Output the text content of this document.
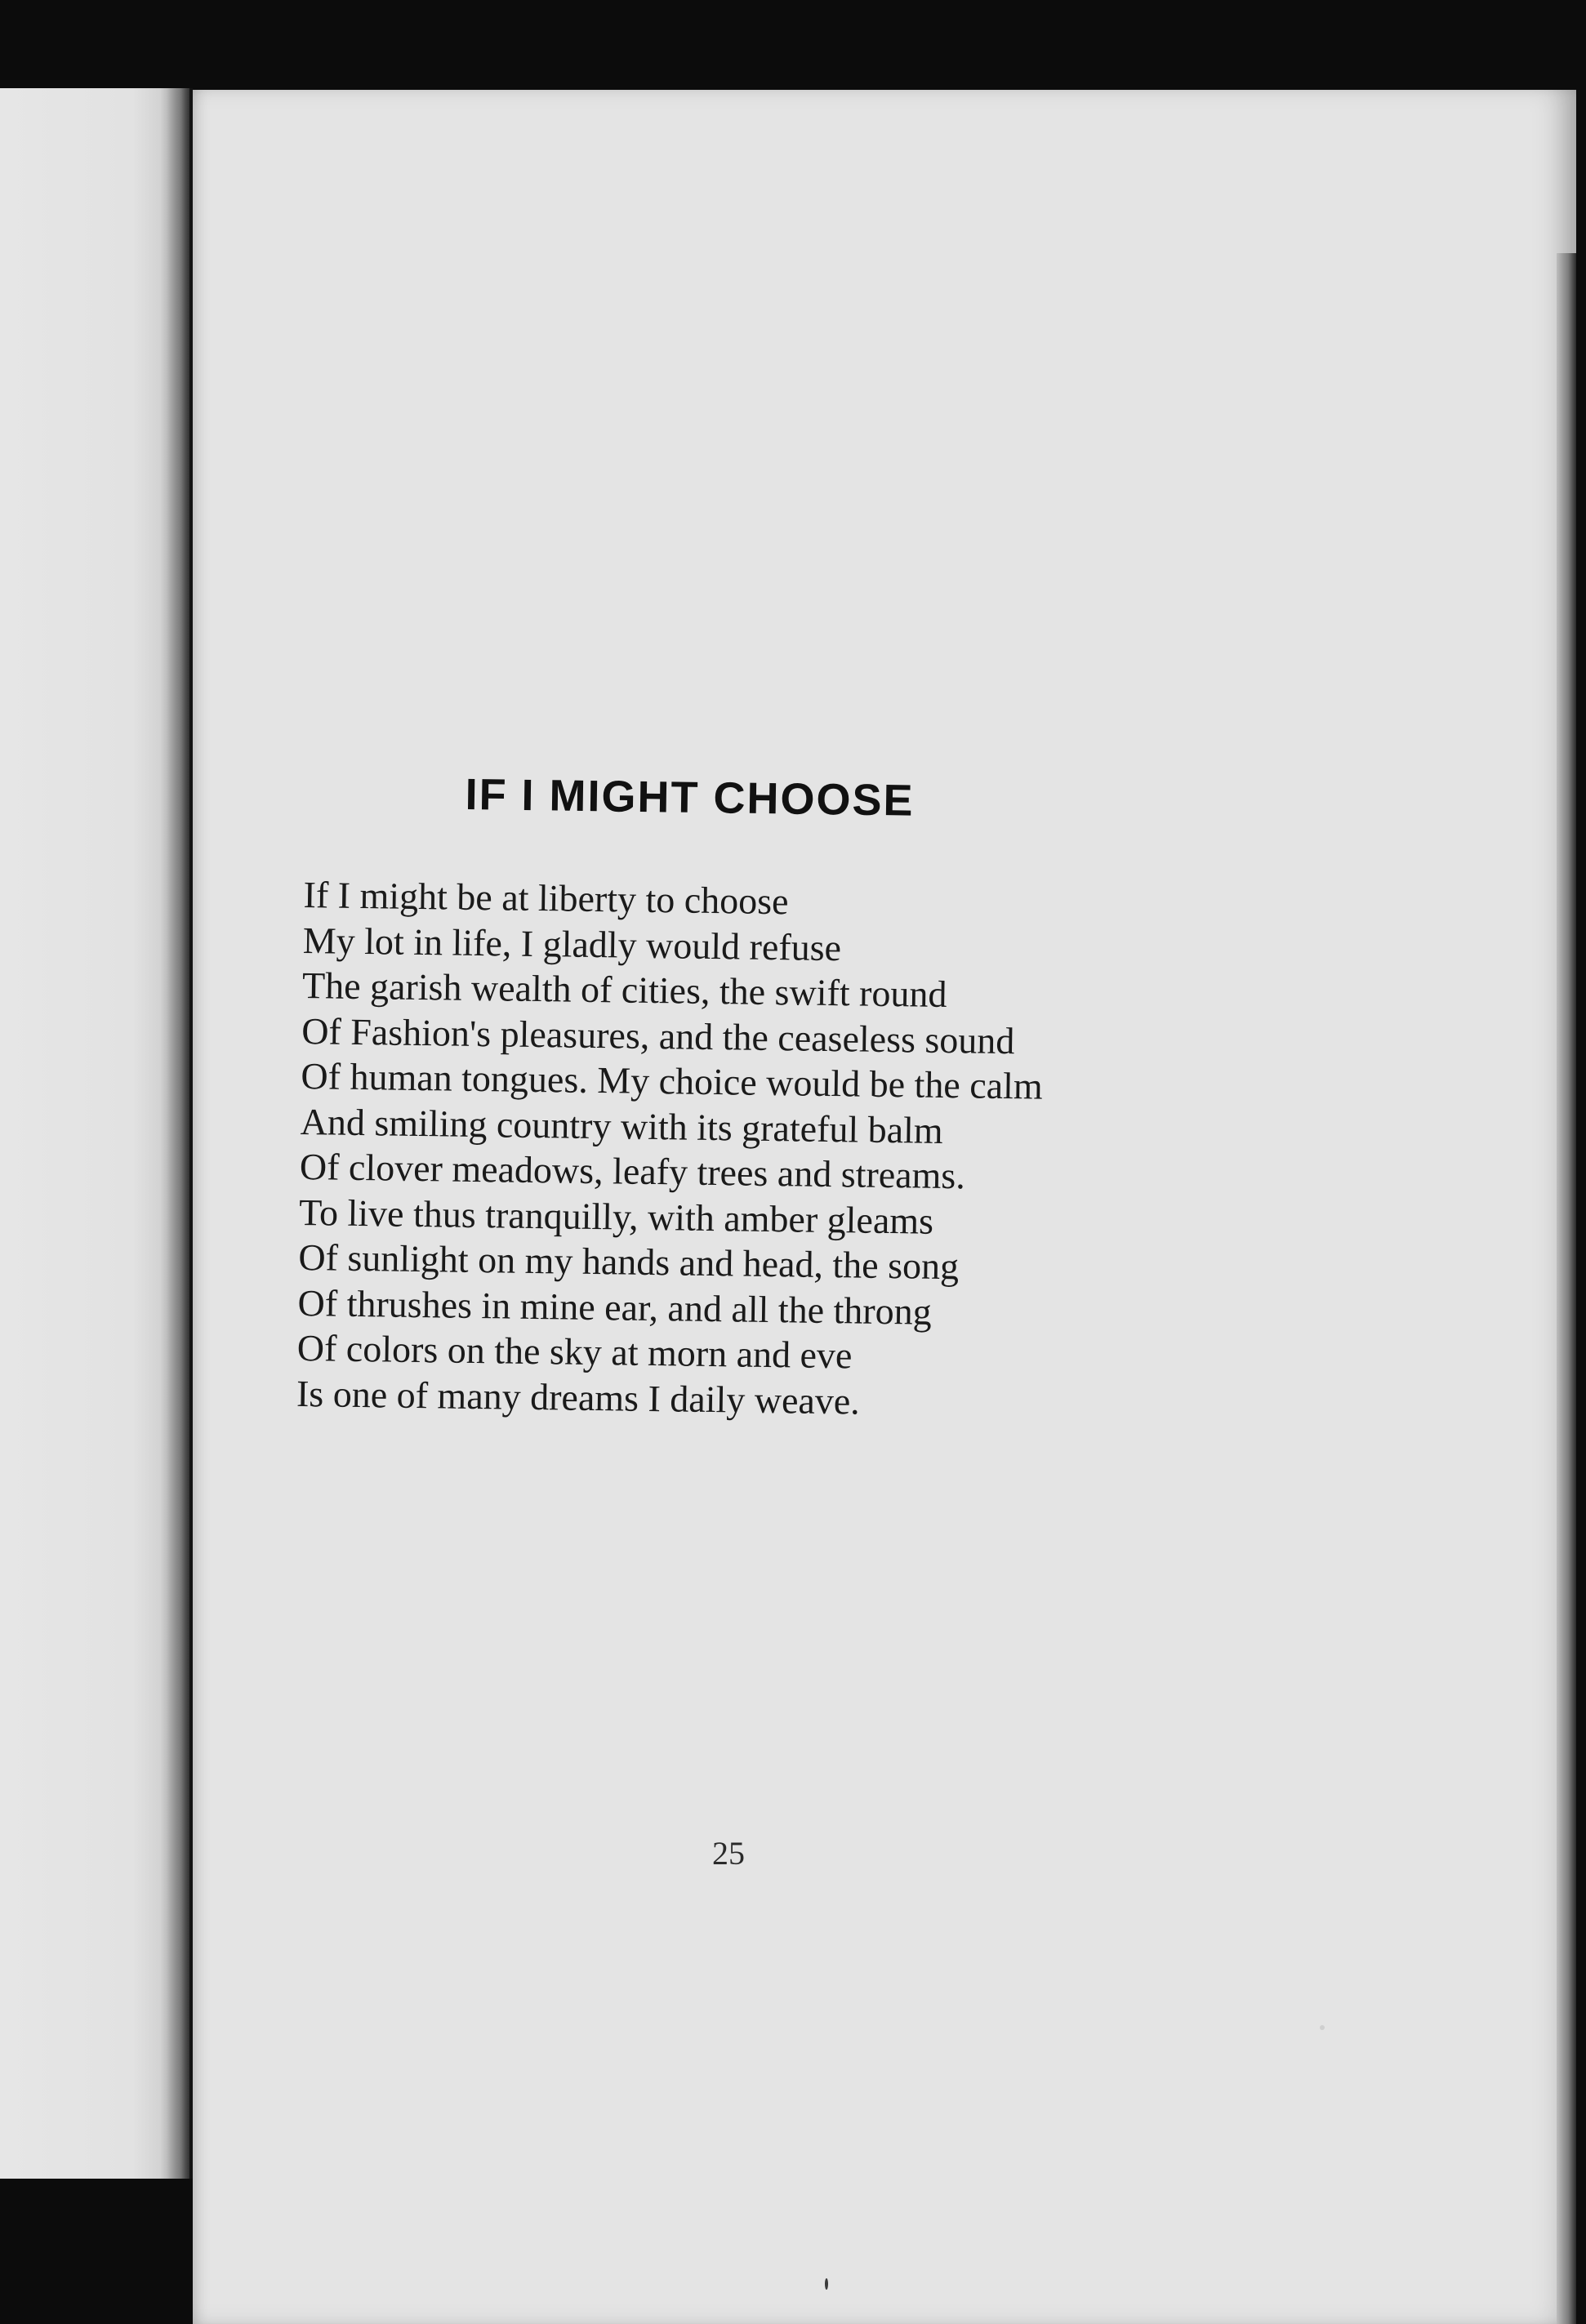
IF I MIGHT CHOOSE
If I might be at liberty to choose
My lot in life, I gladly would refuse
The garish wealth of cities, the swift round
Of Fashion's pleasures, and the ceaseless sound
Of human tongues. My choice would be the calm
And smiling country with its grateful balm
Of clover meadows, leafy trees and streams.
To live thus tranquilly, with amber gleams
Of sunlight on my hands and head, the song
Of thrushes in mine ear, and all the throng
Of colors on the sky at morn and eve
Is one of many dreams I daily weave.
25
